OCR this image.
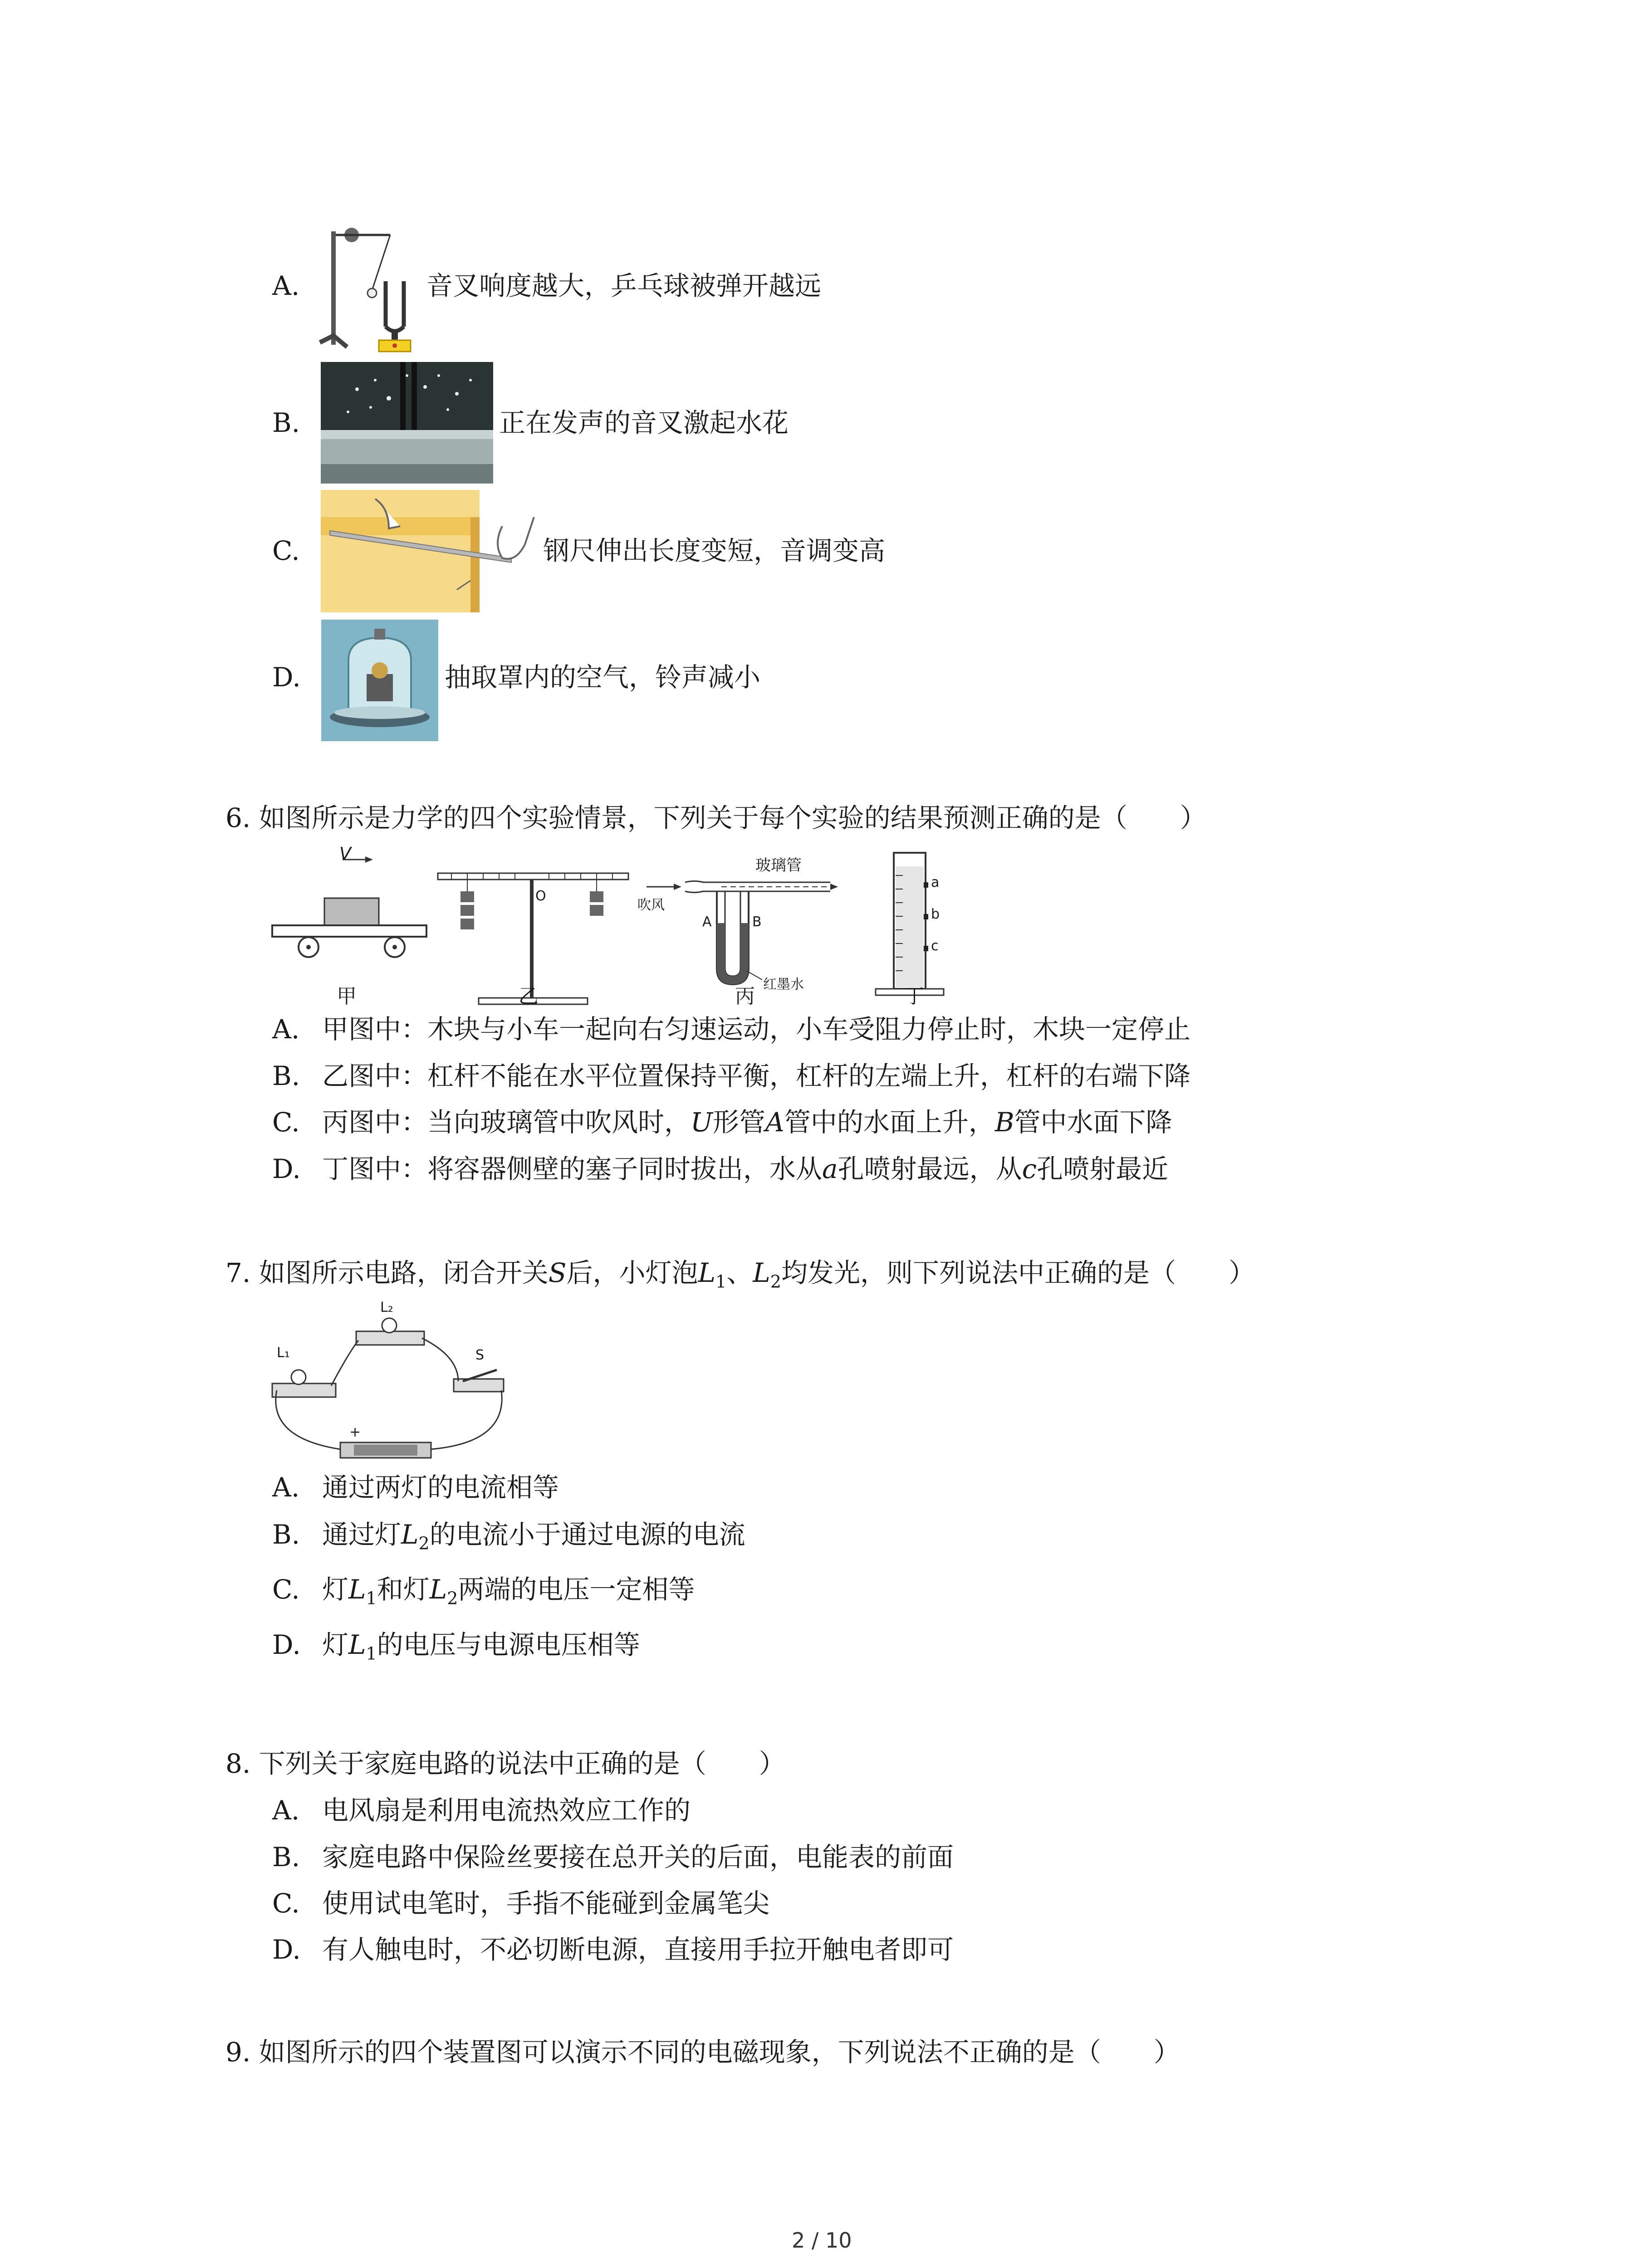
A.	音叉响度越大，乒乓球被弹开越远
B.	正在发声的音叉激起水花
C.	钢尺伸出长度变短，音调变高
D.	抽取罩内的空气，铃声减小
6. 如图所示是力学的四个实验情景，下列关于每个实验的结果预测正确的是（　　）
V
O
玻璃管
吹风
A	B
红墨水
a
b
c
甲	乙	丙	丁
A. 甲图中：木块与小车一起向右匀速运动，小车受阻力停止时，木块一定停止
B. 乙图中：杠杆不能在水平位置保持平衡，杠杆的左端上升，杠杆的右端下降
C. 丙图中：当向玻璃管中吹风时，U形管A管中的水面上升，B管中水面下降
D. 丁图中：将容器侧壁的塞子同时拔出，水从a孔喷射最远，从c孔喷射最近
7. 如图所示电路，闭合开关S后，小灯泡$L_1$、$L_2$均发光，则下列说法中正确的是（　　）
L₁
L₂
S
+
A. 通过两灯的电流相等
B. 通过灯$L_2$的电流小于通过电源的电流
C. 灯$L_1$和灯$L_2$两端的电压一定相等
D. 灯$L_1$的电压与电源电压相等
8. 下列关于家庭电路的说法中正确的是（　　）
A. 电风扇是利用电流热效应工作的
B. 家庭电路中保险丝要接在总开关的后面，电能表的前面
C. 使用试电笔时，手指不能碰到金属笔尖
D. 有人触电时，不必切断电源，直接用手拉开触电者即可
9. 如图所示的四个装置图可以演示不同的电磁现象，下列说法不正确的是（　　）
2 / 10
